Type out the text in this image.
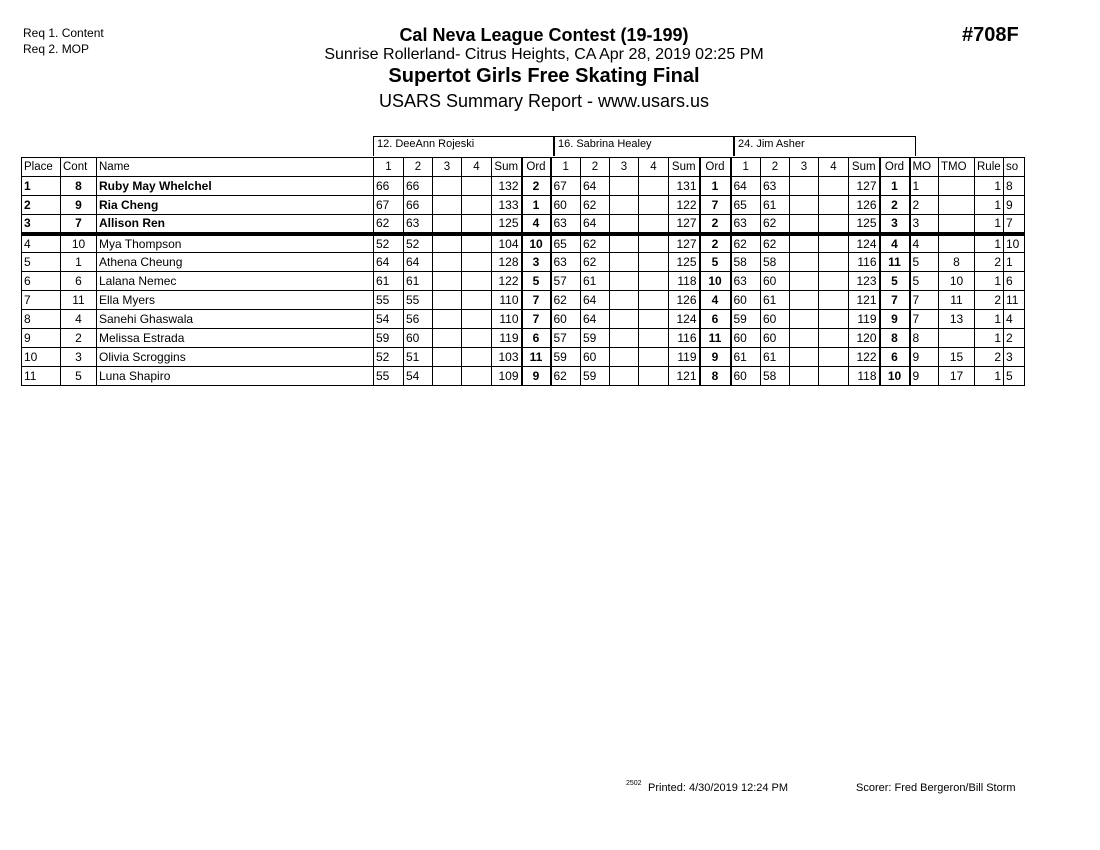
Req 1. Content
Req 2. MOP
Cal Neva League Contest (19-199)
Sunrise Rollerland- Citrus Heights, CA Apr 28, 2019 02:25 PM
Supertot Girls Free Skating Final
USARS Summary Report - www.usars.us
#708F
12. DeeAnn Rojeski	16. Sabrina Healey	24. Jim Asher
Place	Cont	Name	1	2	3	4	Sum	Ord	1	2	3	4	Sum	Ord	1	2	3	4	Sum	Ord	MO	TMO	Rule	so
1	8	Ruby May Whelchel	66	66			132	2	67	64			131	1	64	63			127	1	1		1	8
2	9	Ria Cheng	67	66			133	1	60	62			122	7	65	61			126	2	2		1	9
3	7	Allison Ren	62	63			125	4	63	64			127	2	63	62			125	3	3		1	7
4	10	Mya Thompson	52	52			104	10	65	62			127	2	62	62			124	4	4		1	10
5	1	Athena Cheung	64	64			128	3	63	62			125	5	58	58			116	11	5	8	2	1
6	6	Lalana Nemec	61	61			122	5	57	61			118	10	63	60			123	5	5	10	1	6
7	11	Ella Myers	55	55			110	7	62	64			126	4	60	61			121	7	7	11	2	11
8	4	Sanehi Ghaswala	54	56			110	7	60	64			124	6	59	60			119	9	7	13	1	4
9	2	Melissa Estrada	59	60			119	6	57	59			116	11	60	60			120	8	8		1	2
10	3	Olivia Scroggins	52	51			103	11	59	60			119	9	61	61			122	6	9	15	2	3
11	5	Luna Shapiro	55	54			109	9	62	59			121	8	60	58			118	10	9	17	1	5
2502 Printed: 4/30/2019 12:24 PM	Scorer: Fred Bergeron/Bill Storm
